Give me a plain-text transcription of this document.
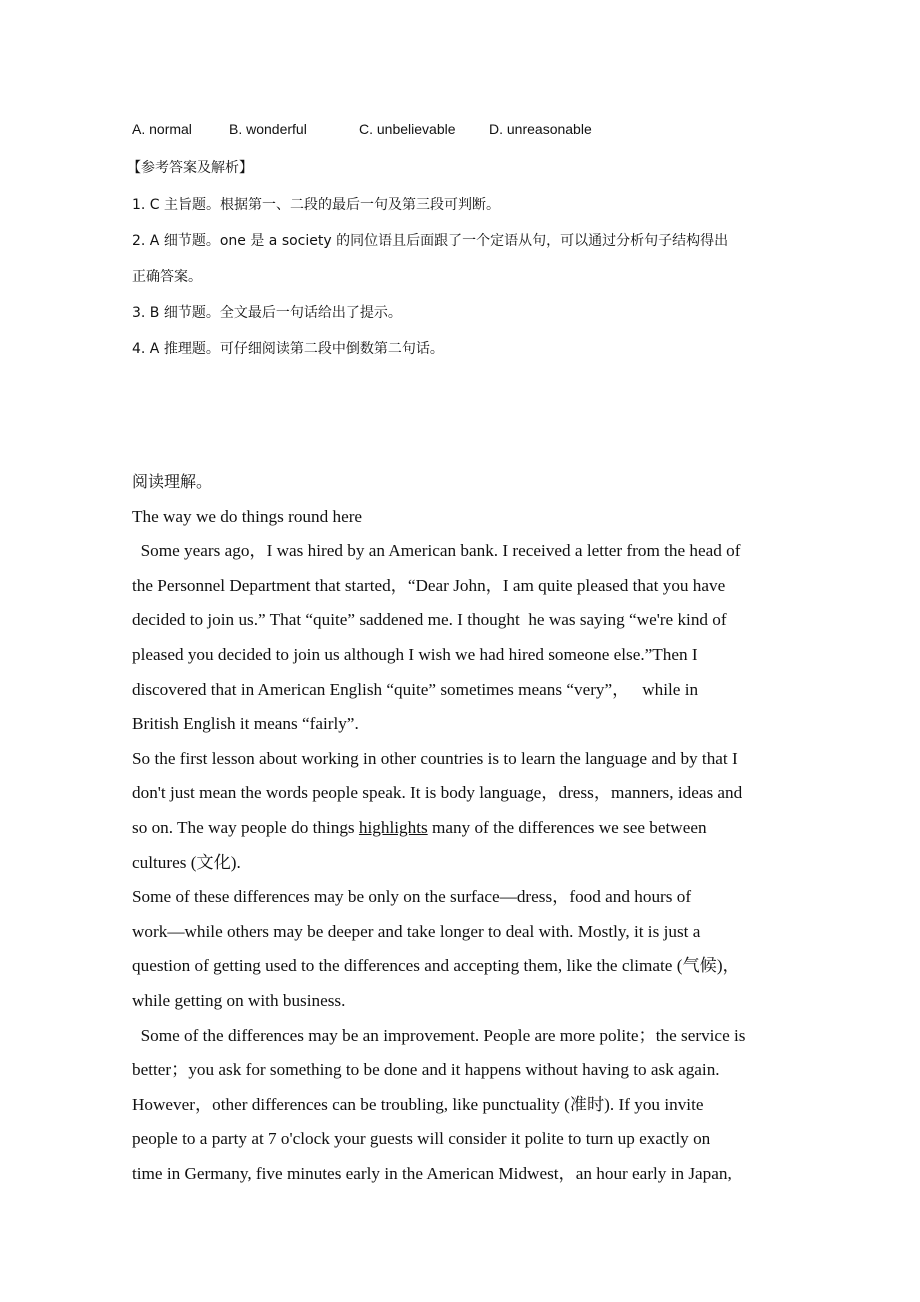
A. normal	B. wonderful	C. unbelievable D. unreasonable
【参考答案及解析】
1. C 主旨题。根据第一、二段的最后一句及第三段可判断。
2. A 细节题。one 是 a society 的同位语且后面跟了一个定语从句，可以通过分析句子结构得出
正确答案。
3. B 细节题。全文最后一句话给出了提示。
4. A 推理题。可仔细阅读第二段中倒数第二句话。
阅读理解。
The way we do things round here

Some years ago，I was hired by an American bank. I received a letter from the head of
the Personnel Department that started，“Dear John，I am quite pleased that you have
decided to join us.” That “quite” saddened me. I thought  he was saying “we're kind of
pleased you decided to join us although I wish we had hired someone else.”Then I
discovered that in American English “quite” sometimes means “very”，   while in
British English it means “fairly”.

So the first lesson about working in other countries is to learn the language and by that I
don't just mean the words people speak. It is body language，dress，manners, ideas and
so on. The way people do things highlights many of the differences we see between
cultures (文化).

Some of these differences may be only on the surface—dress，food and hours of
work—while others may be deeper and take longer to deal with. Mostly, it is just a
question of getting used to the differences and accepting them, like the climate (气候)，
while getting on with business.

Some of the differences may be an improvement. People are more polite；the service is
better；you ask for something to be done and it happens without having to ask again.
However，other differences can be troubling, like punctuality (准时). If you invite
people to a party at 7 o'clock your guests will consider it polite to turn up exactly on
time in Germany, five minutes early in the American Midwest，an hour early in Japan,
